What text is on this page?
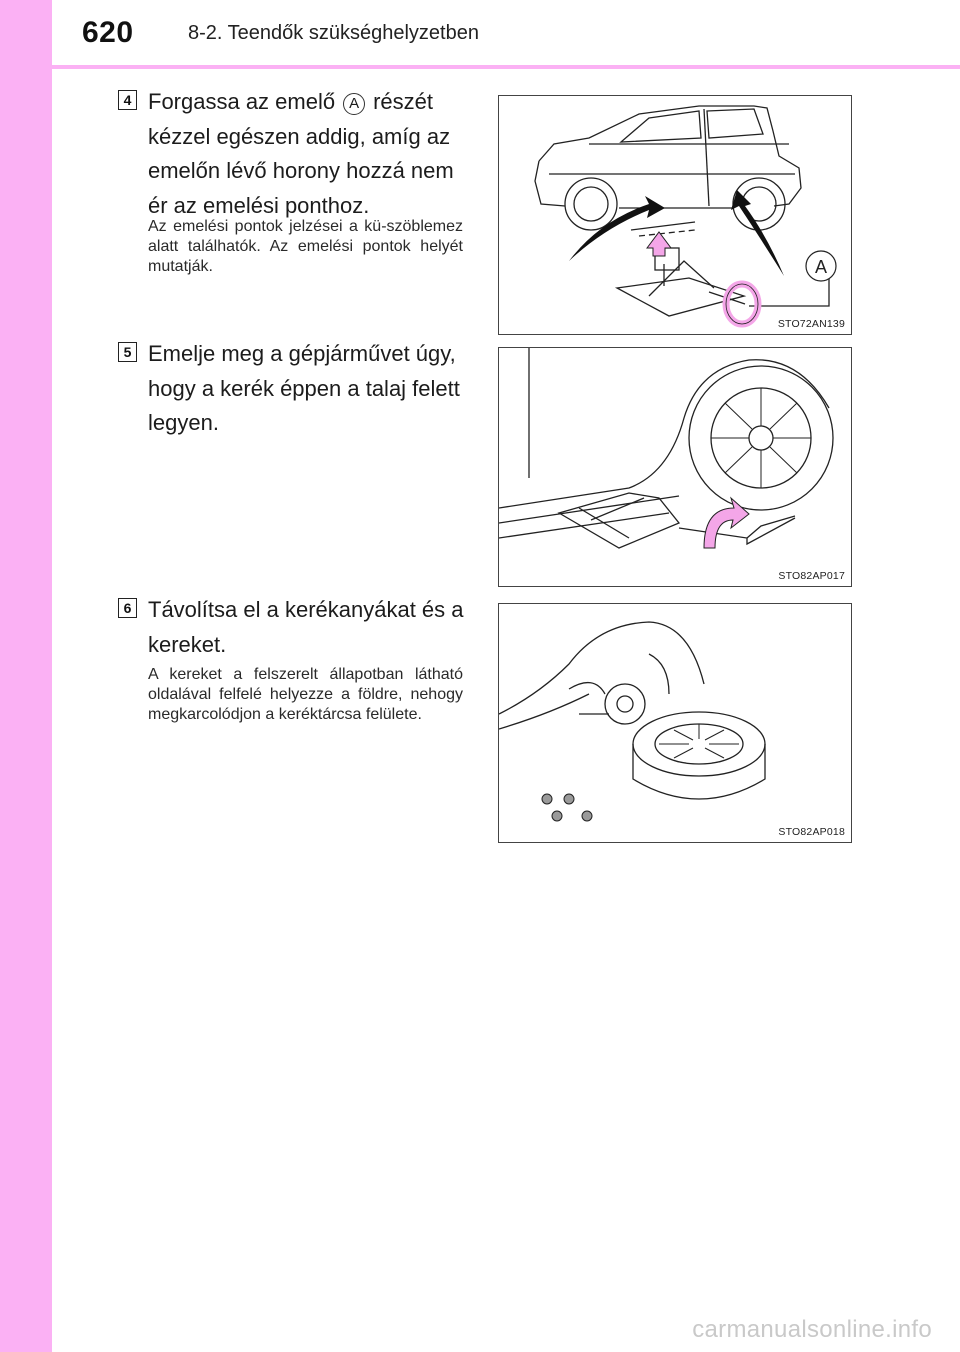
620	8-2. Teendők szükséghelyzetben
4 Forgassa az emelő A részét kézzel egészen addig, amíg az emelőn lévő horony hozzá nem ér az emelési ponthoz.
Az emelési pontok jelzései a kü-szöblemez alatt találhatók. Az emelési pontok helyét mutatják.	A
STO72AN139
5 Emelje meg a gépjárművet úgy, hogy a kerék éppen a talaj felett legyen.
STO82AP017
6 Távolítsa el a kerékanyákat és a kereket.
A kereket a felszerelt állapotban látható oldalával felfelé helyezze a földre, nehogy megkarcolódjon a keréktárcsa felülete.
STO82AP018
carmanualsonline.info
